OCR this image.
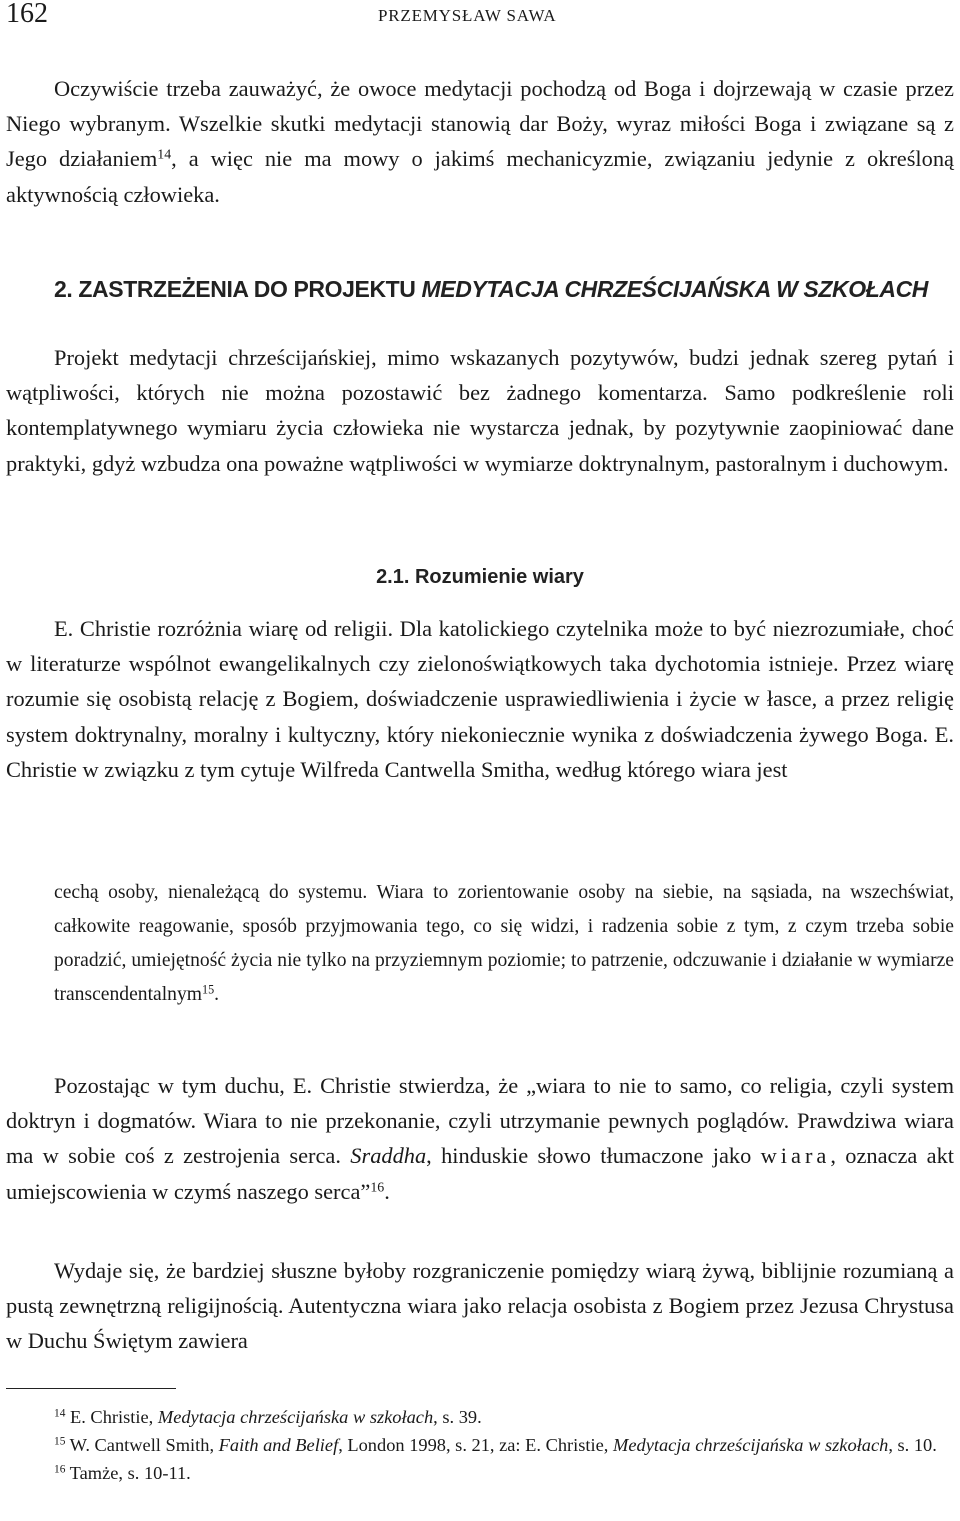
162	PRZEMYSŁAW SAWA

Oczywiście trzeba zauważyć, że owoce medytacji pochodzą od Boga i dojrzewają w czasie przez Niego wybranym. Wszelkie skutki medytacji stanowią dar Boży, wyraz miłości Boga i związane są z Jego działaniem$^{14}$, a więc nie ma mowy o jakimś mechanicyzmie, związaniu jedynie z określoną aktywnością człowieka.

2. ZASTRZEŻENIA DO PROJEKTU MEDYTACJA CHRZEŚCIJAŃSKA W SZKOŁACH

Projekt medytacji chrześcijańskiej, mimo wskazanych pozytywów, budzi jednak szereg pytań i wątpliwości, których nie można pozostawić bez żadnego komentarza. Samo podkreślenie roli kontemplatywnego wymiaru życia człowieka nie wystarcza jednak, by pozytywnie zaopiniować dane praktyki, gdyż wzbudza ona poważne wątpliwości w wymiarze doktrynalnym, pastoralnym i duchowym.

2.1. Rozumienie wiary

E. Christie rozróżnia wiarę od religii. Dla katolickiego czytelnika może to być niezrozumiałe, choć w literaturze wspólnot ewangelikalnych czy zielonoświątkowych taka dychotomia istnieje. Przez wiarę rozumie się osobistą relację z Bogiem, doświadczenie usprawiedliwienia i życie w łasce, a przez religię system doktrynalny, moralny i kultyczny, który niekoniecznie wynika z doświadczenia żywego Boga. E. Christie w związku z tym cytuje Wilfreda Cantwella Smitha, według którego wiara jest

cechą osoby, nienależącą do systemu. Wiara to zorientowanie osoby na siebie, na sąsiada, na wszechświat, całkowite reagowanie, sposób przyjmowania tego, co się widzi, i radzenia sobie z tym, z czym trzeba sobie poradzić, umiejętność życia nie tylko na przyziemnym poziomie; to patrzenie, odczuwanie i działanie w wymiarze transcendentalnym$^{15}$.

Pozostając w tym duchu, E. Christie stwierdza, że „wiara to nie to samo, co religia, czyli system doktryn i dogmatów. Wiara to nie przekonanie, czyli utrzymanie pewnych poglądów. Prawdziwa wiara ma w sobie coś z zestrojenia serca. Sraddha, hinduskie słowo tłumaczone jako wiara, oznacza akt umiejscowienia w czymś naszego serca”$^{16}$.

Wydaje się, że bardziej słuszne byłoby rozgraniczenie pomiędzy wiarą żywą, biblijnie rozumianą a pustą zewnętrzną religijnością. Autentyczna wiara jako relacja osobista z Bogiem przez Jezusa Chrystusa w Duchu Świętym zawiera

$^{14}$ E. Christie, Medytacja chrześcijańska w szkołach, s. 39.

$^{15}$ W. Cantwell Smith, Faith and Belief, London 1998, s. 21, za: E. Christie, Medytacja chrześcijańska w szkołach, s. 10.

$^{16}$ Tamże, s. 10-11.
